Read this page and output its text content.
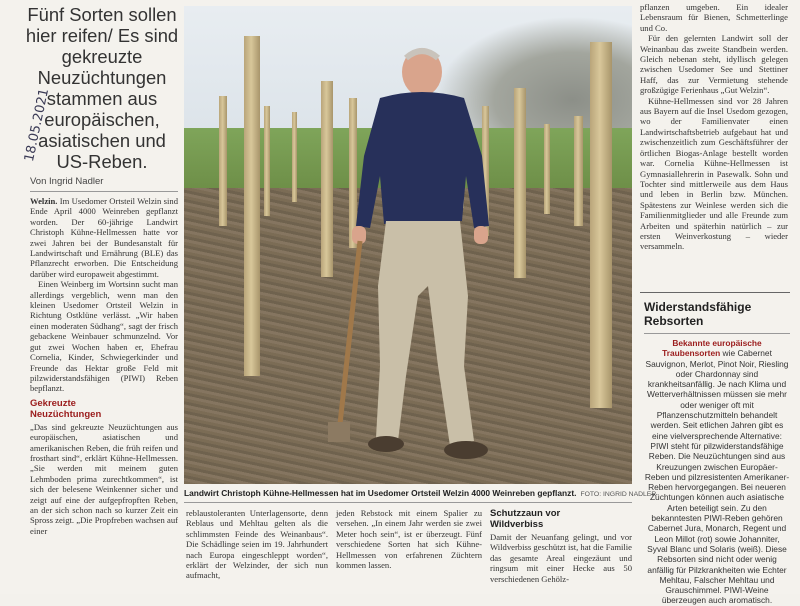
Fünf Sorten sollen hier reifen/ Es sind gekreuzte Neuzüchtungen stammen aus europäischen, asiatischen und US-Reben.
18.05.2021
Von Ingrid Nadler

Welzin. Im Usedomer Ortsteil Welzin sind Ende April 4000 Weinreben gepflanzt worden. Der 60-jährige Landwirt Christoph Kühne-Hellmessen hatte vor zwei Jahren bei der Bundesanstalt für Landwirtschaft und Ernährung (BLE) das Pflanzrecht erworben. Die Entscheidung darüber wird europaweit abgestimmt.

Einen Weinberg im Wortsinn sucht man allerdings vergeblich, wenn man den kleinen Usedomer Ortsteil Welzin in Richtung Ostklüne verlässt. „Wir haben einen moderaten Südhang“, sagt der frisch gebackene Weinbauer schmunzelnd. Vor gut zwei Wochen haben er, Ehefrau Cornelia, Kinder, Schwiegerkinder und Freunde das Hektar große Feld mit pilzwiderstandsfähigen (PIWI) Reben bepflanzt.

Gekreuzte Neuzüchtungen

„Das sind gekreuzte Neuzüchtungen aus europäischen, asiatischen und amerikanischen Reben, die früh reifen und frosthart sind“, erklärt Kühne-Hellmessen. „Sie werden mit meinem guten Lehmboden prima zurechtkommen“, ist sich der belesene Weinkenner sicher und zeigt auf eine der aufgepfropften Reben, an der sich schon nach so kurzer Zeit ein Spross zeigt. „Die Propfreben wachsen auf einer

Landwirt Christoph Kühne-Hellmessen hat im Usedomer Ortsteil Welzin 4000 Weinreben gepflanzt. FOTO: INGRID NADLER

reblaustoleranten Unterlagensorte, denn Reblaus und Mehltau gelten als die schlimmsten Feinde des Weinanbaus“. Die Schädlinge seien im 19. Jahrhundert nach Europa eingeschleppt worden“, erklärt der Welzinder, der sich nun aufmacht,

jeden Rebstock mit einem Spalier zu versehen. „In einem Jahr werden sie zwei Meter hoch sein“, ist er überzeugt. Fünf verschiedene Sorten hat sich Kühne-Hellmessen von erfahrenen Züchtern kommen lassen.

Schutzzaun vor Wildverbiss

Damit der Neuanfang gelingt, und vor Wildverbiss geschützt ist, hat die Familie das gesamte Areal eingezäunt und ringsum mit einer Hecke aus 50 verschiedenen Gehölz-

pflanzen umgeben. Ein idealer Lebensraum für Bienen, Schmetterlinge und Co.

Für den gelernten Landwirt soll der Weinanbau das zweite Standbein werden. Gleich nebenan steht, idyllisch gelegen zwischen Usedomer See und Stettiner Haff, das zur Vermietung stehende großzügige Ferienhaus „Gut Welzin“.

Kühne-Hellmessen sind vor 28 Jahren aus Bayern auf die Insel Usedom gezogen, wo der Familienvater einen Landwirtschaftsbetrieb aufgebaut hat und zwischenzeitlich zum Geschäftsführer der örtlichen Biogas-Anlage bestellt worden war. Cornelia Kühne-Hellmessen ist Gymnasiallehrerin in Pasewalk. Sohn und Tochter sind mittlerweile aus dem Haus und leben in Berlin bzw. München. Spätestens zur Weinlese werden sich die Familienmitglieder und alle Freunde zum Arbeiten und späterhin natürlich – zur ersten Weinverkostung – wieder versammeln.

Widerstandsfähige Rebsorten

Bekannte europäische Traubensorten wie Cabernet Sauvignon, Merlot, Pinot Noir, Riesling oder Chardonnay sind krankheitsanfällig. Je nach Klima und Wetterverhältnissen müssen sie mehr oder weniger oft mit Pflanzenschutzmitteln behandelt werden. Seit etlichen Jahren gibt es eine vielversprechende Alternative: PIWI steht für pilzwiderstandsfähige Reben. Die Neuzüchtungen sind aus Kreuzungen zwischen Europäer-Reben und pilzresistenten Amerikaner-Reben hervorgegangen. Bei neueren Züchtungen können auch asiatische Arten beteiligt sein. Zu den bekanntesten PIWI-Reben gehören Cabernet Jura, Monarch, Regent und Leon Millot (rot) sowie Johanniter, Syval Blanc und Solaris (weiß). Diese Rebsorten sind nicht oder wenig anfällig für Pilzkrankheiten wie Echter Mehltau, Falscher Mehltau und Grauschimmel. PIWI-Weine überzeugen auch aromatisch.
